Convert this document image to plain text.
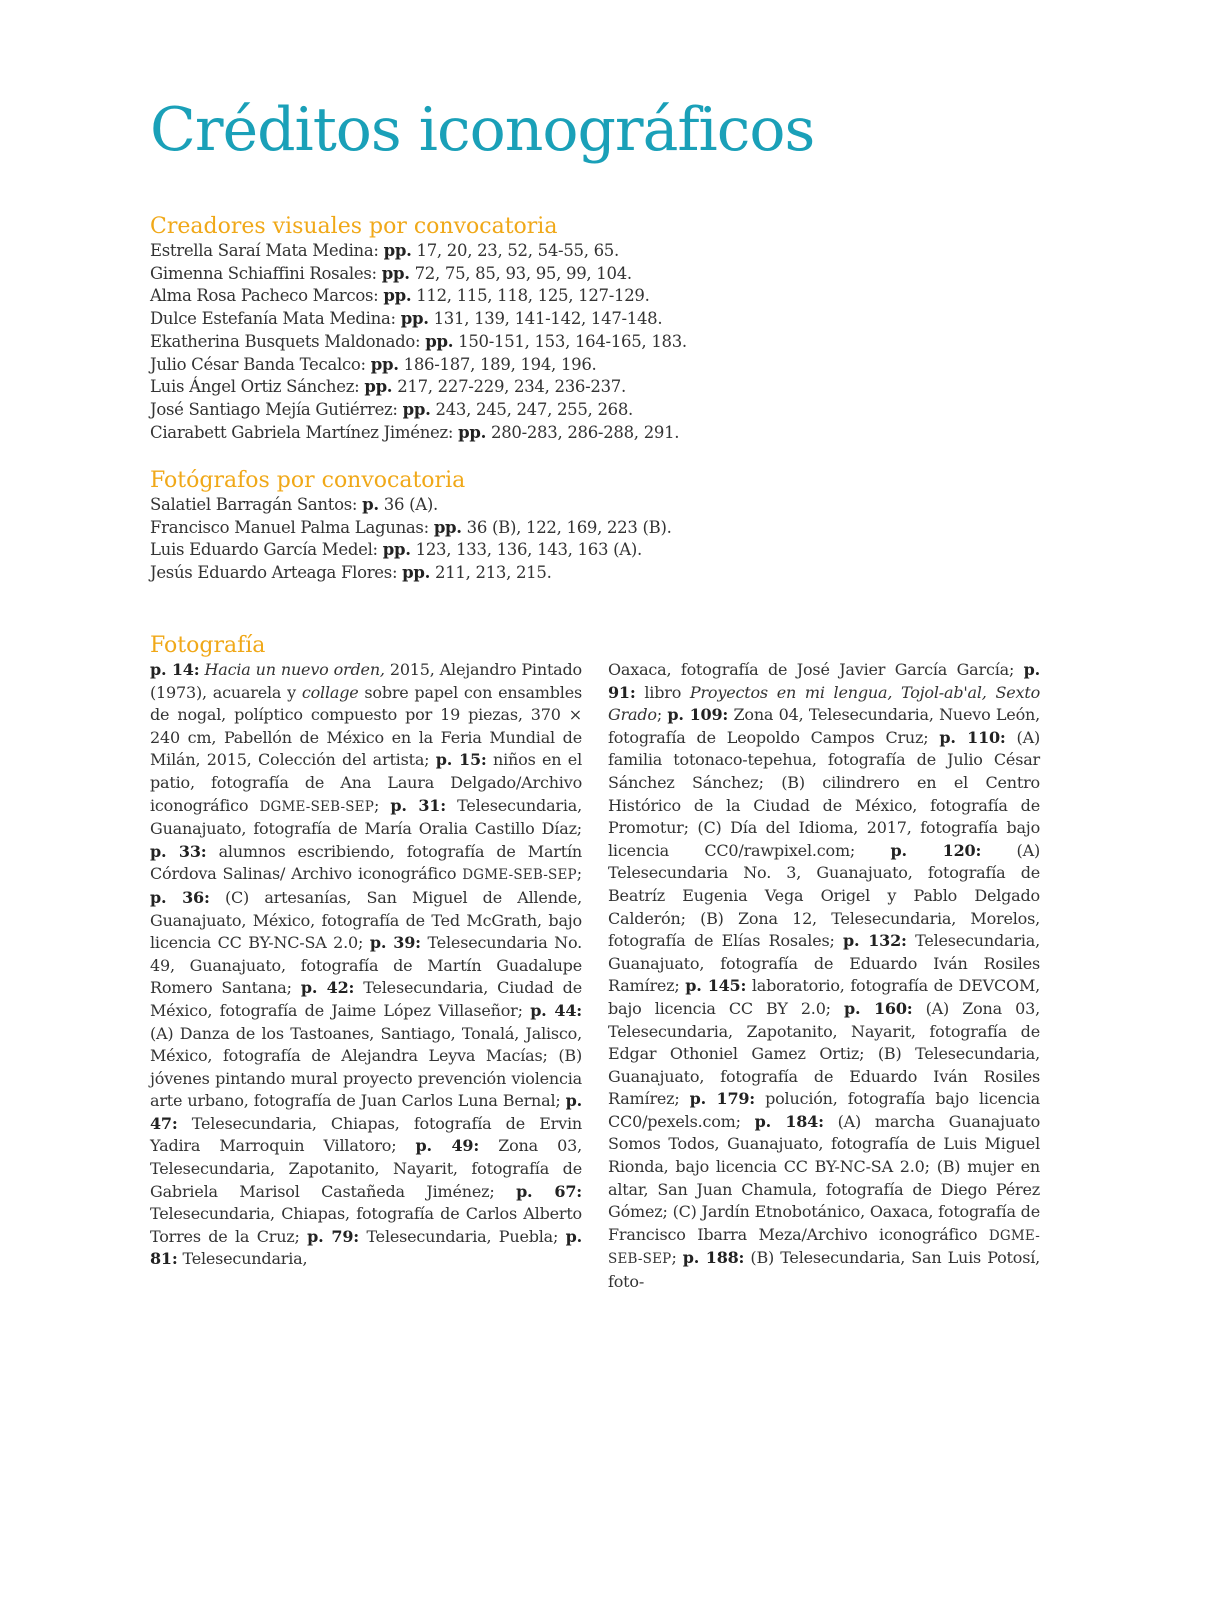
Créditos iconográficos
Creadores visuales por convocatoria
Estrella Saraí Mata Medina: pp. 17, 20, 23, 52, 54-55, 65.
Gimenna Schiaffini Rosales: pp. 72, 75, 85, 93, 95, 99, 104.
Alma Rosa Pacheco Marcos: pp. 112, 115, 118, 125, 127-129.
Dulce Estefanía Mata Medina: pp. 131, 139, 141-142, 147-148.
Ekatherina Busquets Maldonado: pp. 150-151, 153, 164-165, 183.
Julio César Banda Tecalco: pp. 186-187, 189, 194, 196.
Luis Ángel Ortiz Sánchez: pp. 217, 227-229, 234, 236-237.
José Santiago Mejía Gutiérrez: pp. 243, 245, 247, 255, 268.
Ciarabett Gabriela Martínez Jiménez: pp. 280-283, 286-288, 291.
Fotógrafos por convocatoria
Salatiel Barragán Santos: p. 36 (A).
Francisco Manuel Palma Lagunas: pp. 36 (B), 122, 169, 223 (B).
Luis Eduardo García Medel: pp. 123, 133, 136, 143, 163 (A).
Jesús Eduardo Arteaga Flores: pp. 211, 213, 215.
Fotografía
p. 14: Hacia un nuevo orden, 2015, Alejandro Pintado (1973), acuarela y collage sobre papel con ensambles de nogal, políptico compuesto por 19 piezas, 370 × 240 cm, Pabellón de México en la Feria Mundial de Milán, 2015, Colección del artista; p. 15: niños en el patio, fotografía de Ana Laura Delgado/Archivo iconográfico DGME-SEB-SEP; p. 31: Telesecundaria, Guanajuato, fotografía de María Oralia Castillo Díaz; p. 33: alumnos escribiendo, fotografía de Martín Córdova Salinas/ Archivo iconográfico DGME-SEB-SEP; p. 36: (C) artesanías, San Miguel de Allende, Guanajuato, México, fotografía de Ted McGrath, bajo licencia CC BY-NC-SA 2.0; p. 39: Telesecundaria No. 49, Guanajuato, fotografía de Martín Guadalupe Romero Santana; p. 42: Telesecundaria, Ciudad de México, fotografía de Jaime López Villaseñor; p. 44: (A) Danza de los Tastoanes, Santiago, Tonalá, Jalisco, México, fotografía de Alejandra Leyva Macías; (B) jóvenes pintando mural proyecto prevención violencia arte urbano, fotografía de Juan Carlos Luna Bernal; p. 47: Telesecundaria, Chiapas, fotografía de Ervin Yadira Marroquin Villatoro; p. 49: Zona 03, Telesecundaria, Zapotanito, Nayarit, fotografía de Gabriela Marisol Castañeda Jiménez; p. 67: Telesecundaria, Chiapas, fotografía de Carlos Alberto Torres de la Cruz; p. 79: Telesecundaria, Puebla; p. 81: Telesecundaria,
Oaxaca, fotografía de José Javier García García; p. 91: libro Proyectos en mi lengua, Tojol-ab'al, Sexto Grado; p. 109: Zona 04, Telesecundaria, Nuevo León, fotografía de Leopoldo Campos Cruz; p. 110: (A) familia totonaco-tepehua, fotografía de Julio César Sánchez Sánchez; (B) cilindrero en el Centro Histórico de la Ciudad de México, fotografía de Promotur; (C) Día del Idioma, 2017, fotografía bajo licencia CC0/rawpixel.com; p. 120: (A) Telesecundaria No. 3, Guanajuato, fotografía de Beatríz Eugenia Vega Origel y Pablo Delgado Calderón; (B) Zona 12, Telesecundaria, Morelos, fotografía de Elías Rosales; p. 132: Telesecundaria, Guanajuato, fotografía de Eduardo Iván Rosiles Ramírez; p. 145: laboratorio, fotografía de DEVCOM, bajo licencia CC BY 2.0; p. 160: (A) Zona 03, Telesecundaria, Zapotanito, Nayarit, fotografía de Edgar Othoniel Gamez Ortiz; (B) Telesecundaria, Guanajuato, fotografía de Eduardo Iván Rosiles Ramírez; p. 179: polución, fotografía bajo licencia CC0/pexels.com; p. 184: (A) marcha Guanajuato Somos Todos, Guanajuato, fotografía de Luis Miguel Rionda, bajo licencia CC BY-NC-SA 2.0; (B) mujer en altar, San Juan Chamula, fotografía de Diego Pérez Gómez; (C) Jardín Etnobotánico, Oaxaca, fotografía de Francisco Ibarra Meza/Archivo iconográfico DGME-SEB-SEP; p. 188: (B) Telesecundaria, San Luis Potosí, foto-
